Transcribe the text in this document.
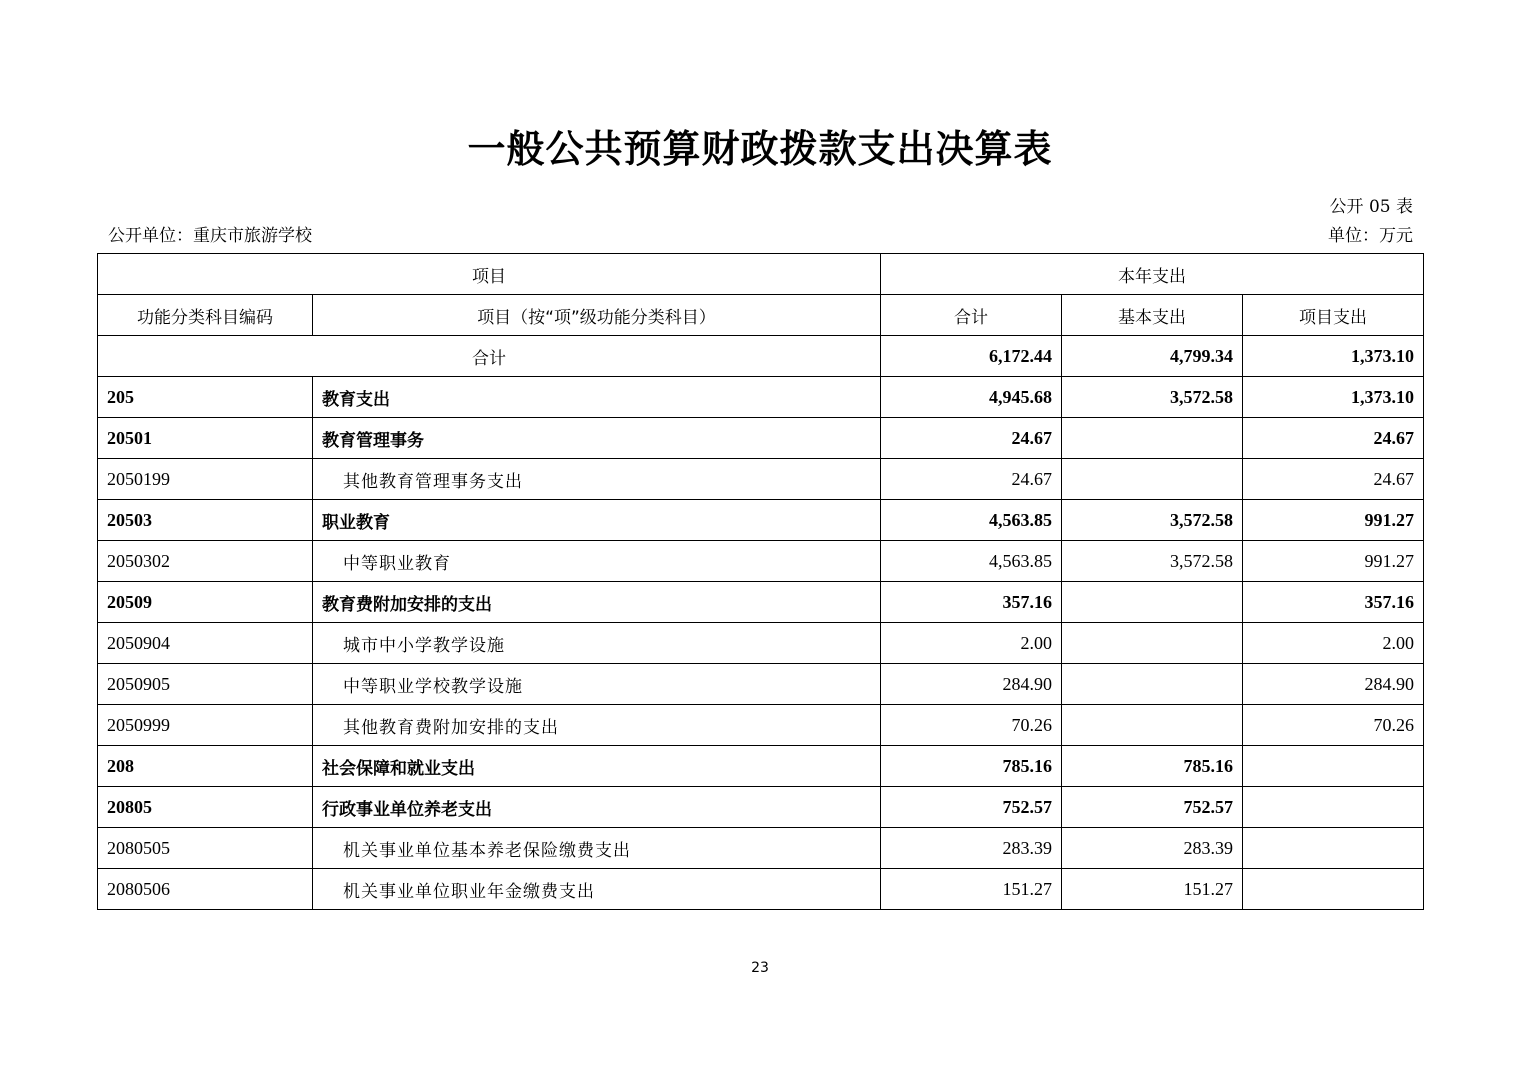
一般公共预算财政拨款支出决算表
公开 05 表
公开单位：重庆市旅游学校	单位：万元
项目		本年支出		
功能分类科目编码	项目（按“项”级功能分类科目）	合计	基本支出	项目支出
合计		6,172.44	4,799.34	1,373.10
205	教育支出	4,945.68	3,572.58	1,373.10
20501	教育管理事务	24.67		24.67
2050199	其他教育管理事务支出	24.67		24.67
20503	职业教育	4,563.85	3,572.58	991.27
2050302	中等职业教育	4,563.85	3,572.58	991.27
20509	教育费附加安排的支出	357.16		357.16
2050904	城市中小学教学设施	2.00		2.00
2050905	中等职业学校教学设施	284.90		284.90
2050999	其他教育费附加安排的支出	70.26		70.26
208	社会保障和就业支出	785.16	785.16	
20805	行政事业单位养老支出	752.57	752.57	
2080505	机关事业单位基本养老保险缴费支出	283.39	283.39	
2080506	机关事业单位职业年金缴费支出	151.27	151.27	
23
